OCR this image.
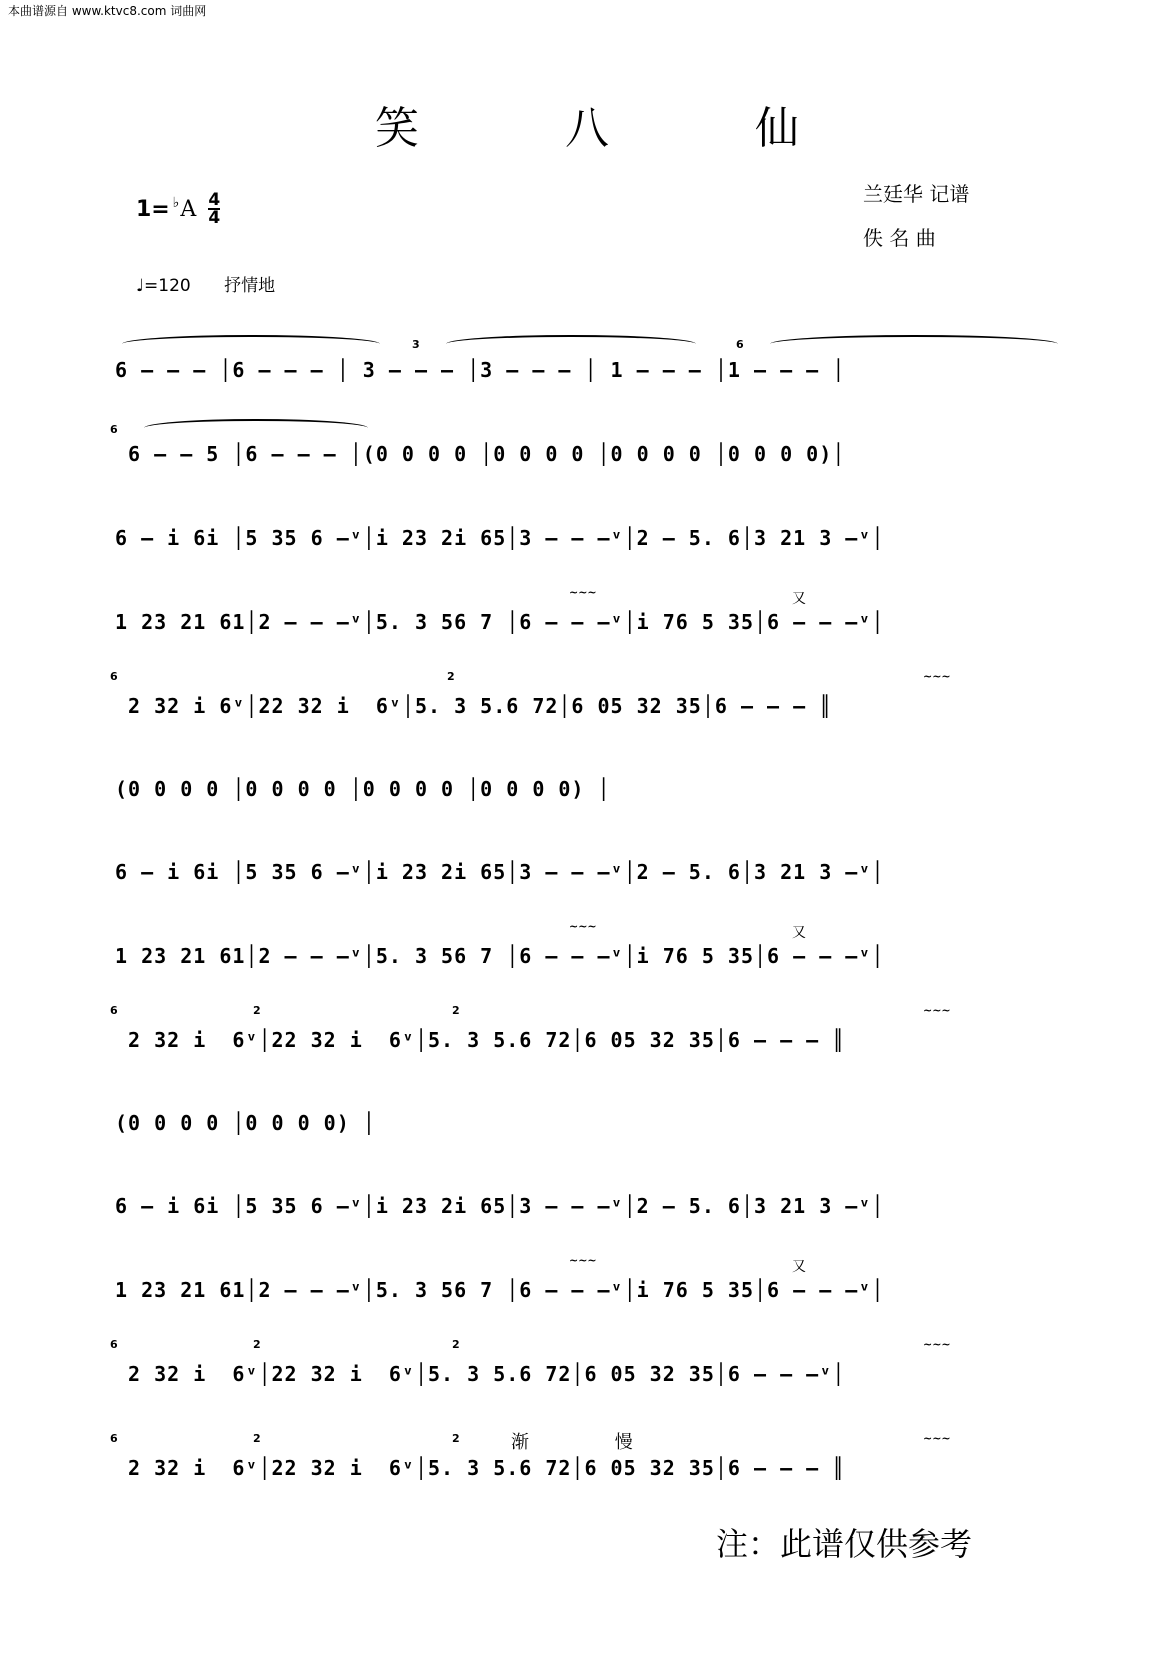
本曲谱源自 www.ktvc8.com 词曲网
笑 八 仙
兰廷华 记谱
佚 名 曲
1= ♭ A 4
4
♩=120 抒情地
3	6
6
6	2
6	2	2
6	2	2
6	2	2
~~~
~~~
~~~
~~~
~~~
~~~
~~~
又
又
又
6 – – – │6 – – – │ 3 – – – │3 – – – │ 1 – – – │1 – – – │
6 – – 5 │6 – – – │(0 0 0 0 │0 0 0 0 │0 0 0 0 │0 0 0 0)│
6 – i 6i │5 35 6 –ᵛ│i 23 2i 65│3 – – –ᵛ│2 – 5. 6│3 21 3 –ᵛ│
1 23 21 61│2 – – –ᵛ│5. 3 56 7 │6 – – –ᵛ│i 76 5 35│6 – – –ᵛ│
2 32 i 6ᵛ│22 32 i  6ᵛ│5. 3 5.6 72│6 05 32 35│6 – – – ║
(0 0 0 0 │0 0 0 0 │0 0 0 0 │0 0 0 0) │
6 – i 6i │5 35 6 –ᵛ│i 23 2i 65│3 – – –ᵛ│2 – 5. 6│3 21 3 –ᵛ│
1 23 21 61│2 – – –ᵛ│5. 3 56 7 │6 – – –ᵛ│i 76 5 35│6 – – –ᵛ│
2 32 i  6ᵛ│22 32 i  6ᵛ│5. 3 5.6 72│6 05 32 35│6 – – – ║
(0 0 0 0 │0 0 0 0) │
6 – i 6i │5 35 6 –ᵛ│i 23 2i 65│3 – – –ᵛ│2 – 5. 6│3 21 3 –ᵛ│
1 23 21 61│2 – – –ᵛ│5. 3 56 7 │6 – – –ᵛ│i 76 5 35│6 – – –ᵛ│
2 32 i  6ᵛ│22 32 i  6ᵛ│5. 3 5.6 72│6 05 32 35│6 – – –ᵛ│
2 32 i  6ᵛ│22 32 i  6ᵛ│5. 3 5.6 72│6 05 32 35│6 – – – ║
渐 慢
注：此谱仅供参考
